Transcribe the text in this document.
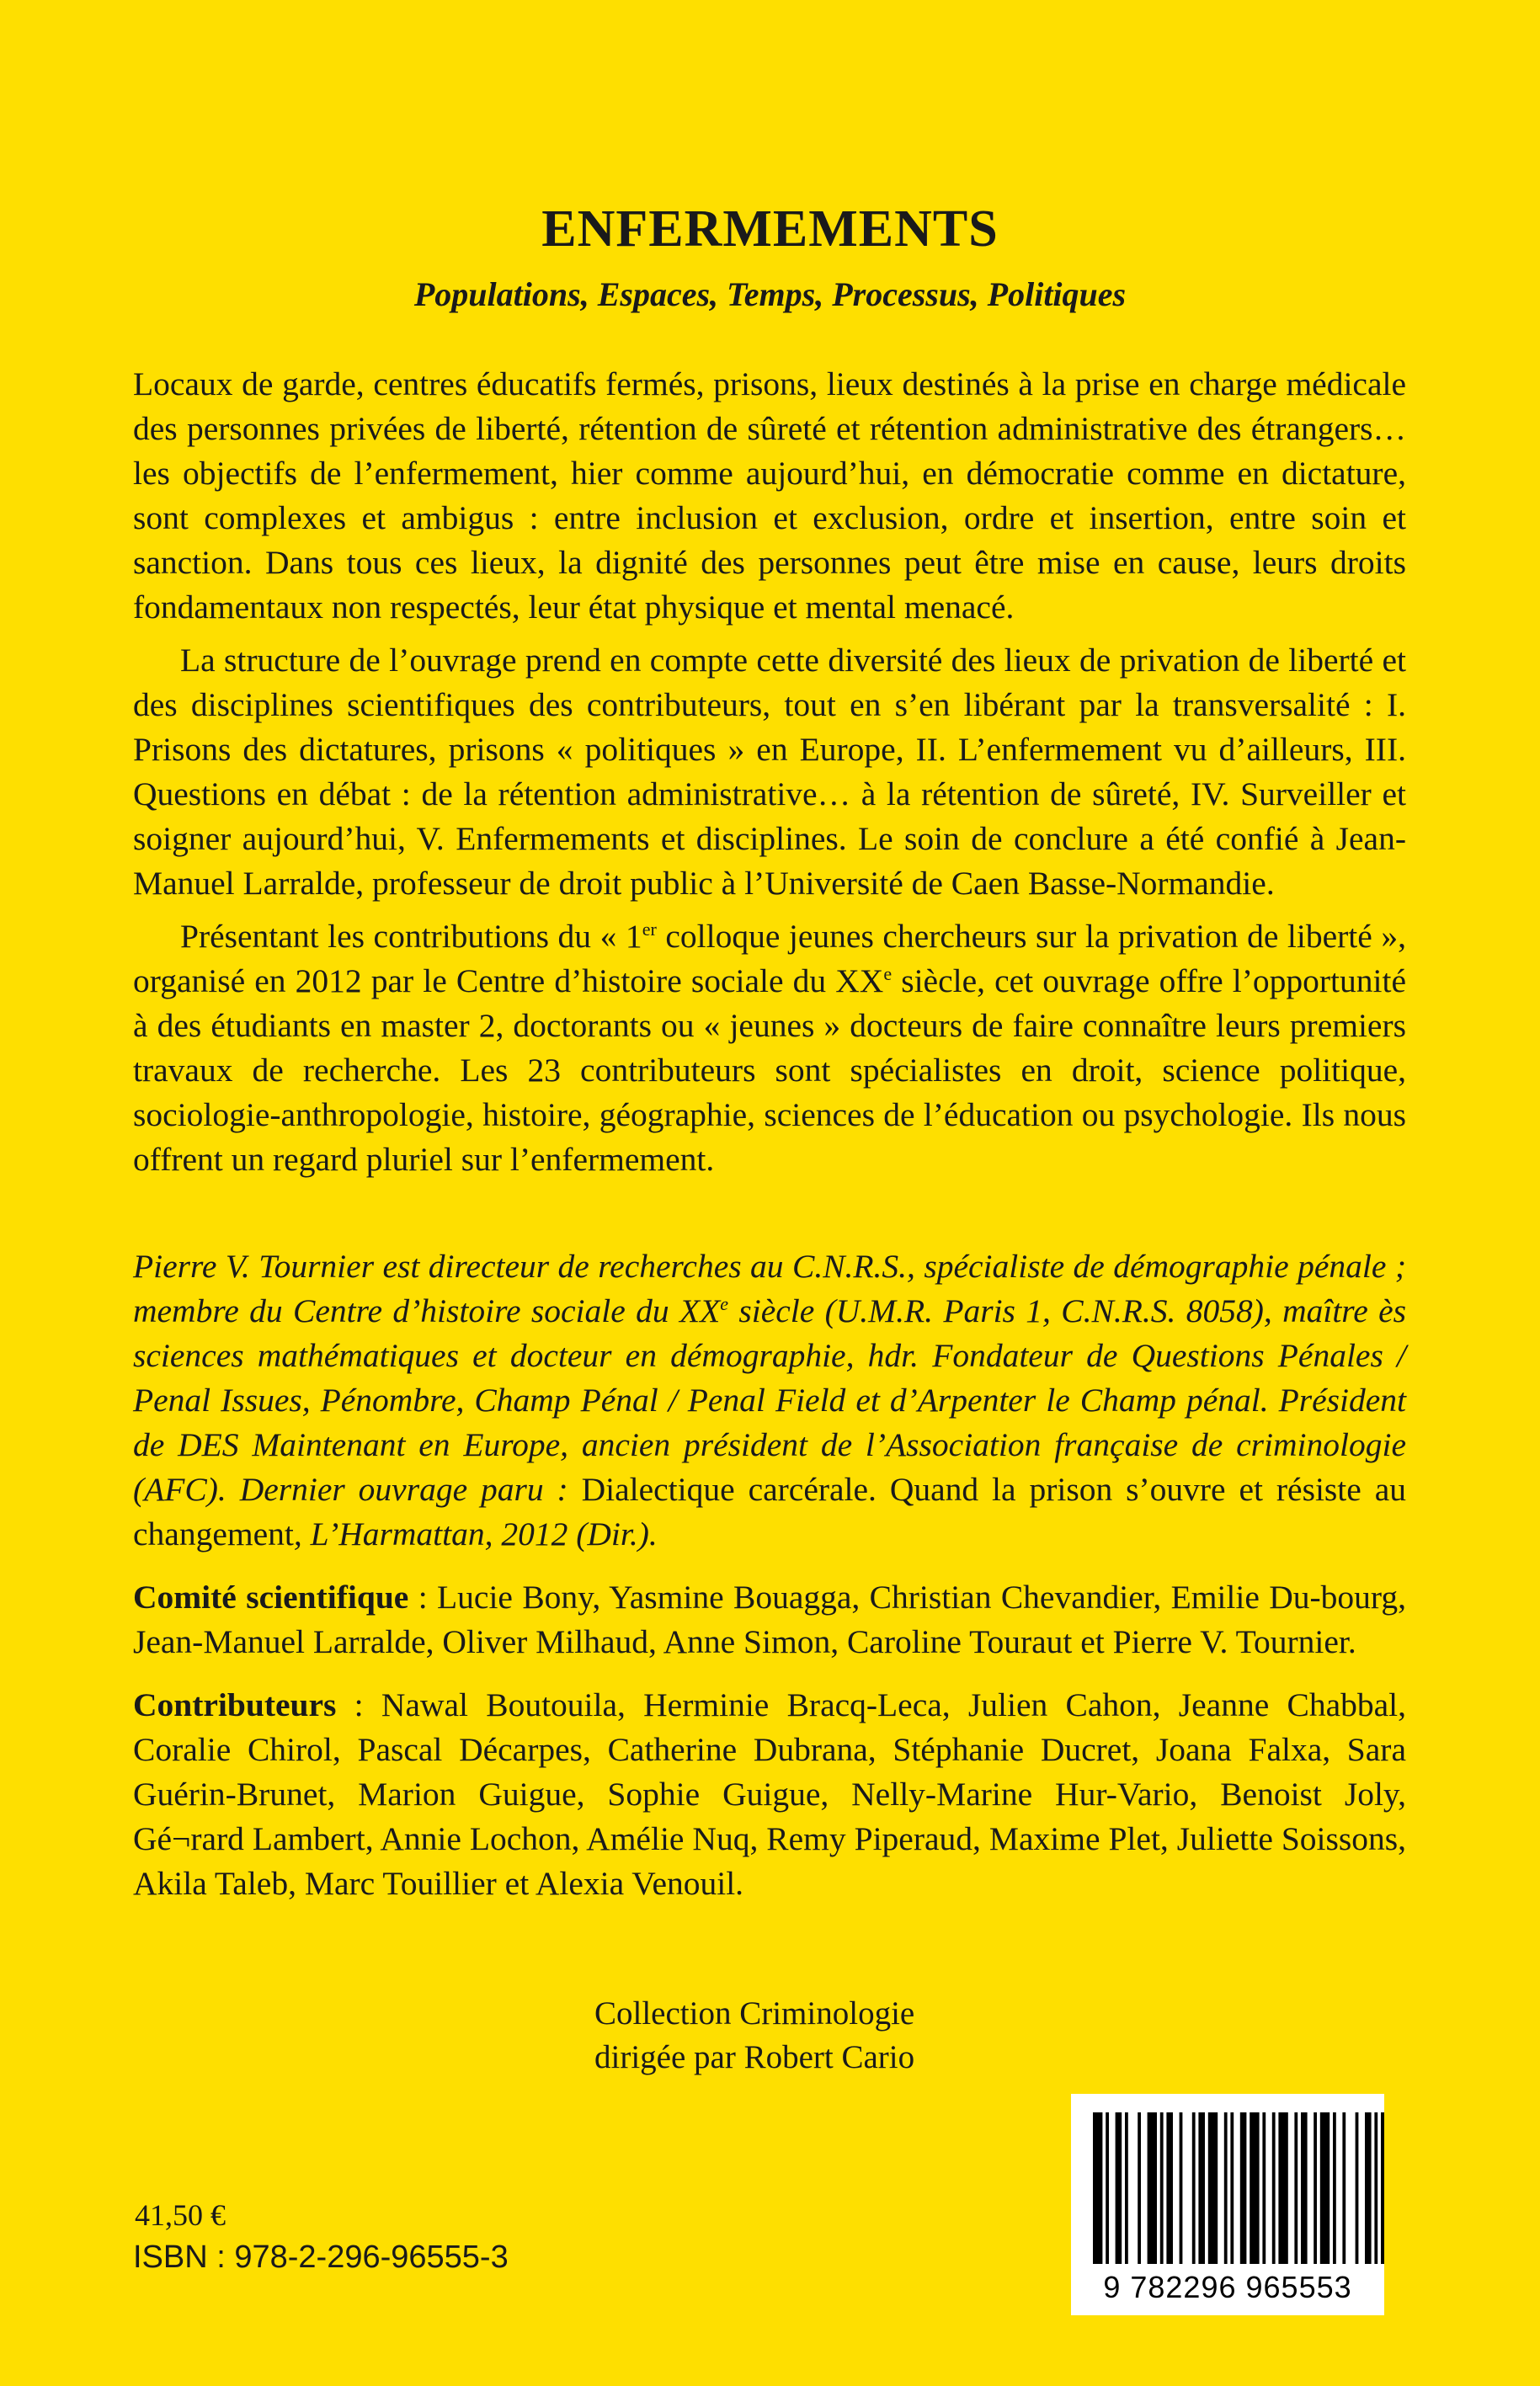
ENFERMEMENTS
Populations, Espaces, Temps, Processus, Politiques

Locaux de garde, centres éducatifs fermés, prisons, lieux destinés à la prise en charge médicale des personnes privées de liberté, rétention de sûreté et rétention administrative des étrangers… les objectifs de l’enfermement, hier comme aujourd’hui, en démocratie comme en dictature, sont complexes et ambigus : entre inclusion et exclusion, ordre et insertion, entre soin et sanction. Dans tous ces lieux, la dignité des personnes peut être mise en cause, leurs droits fondamentaux non respectés, leur état physique et mental menacé.

La structure de l’ouvrage prend en compte cette diversité des lieux de privation de liberté et des disciplines scientifiques des contributeurs, tout en s’en libérant par la transversalité : I. Prisons des dictatures, prisons « politiques » en Europe, II. L’enfermement vu d’ailleurs, III. Questions en débat : de la rétention administrative… à la rétention de sûreté, IV. Surveiller et soigner aujourd’hui, V. Enfermements et disciplines. Le soin de conclure a été confié à Jean-Manuel Larralde, professeur de droit public à l’Université de Caen Basse-Normandie.

Présentant les contributions du « 1er colloque jeunes chercheurs sur la privation de liberté », organisé en 2012 par le Centre d’histoire sociale du XXe siècle, cet ouvrage offre l’opportunité à des étudiants en master 2, doctorants ou « jeunes » docteurs de faire connaître leurs premiers travaux de recherche. Les 23 contributeurs sont spécialistes en droit, science politique, sociologie-anthropologie, histoire, géographie, sciences de l’éducation ou psychologie. Ils nous offrent un regard pluriel sur l’enfermement.

Pierre V. Tournier est directeur de recherches au C.N.R.S., spécialiste de démographie pénale ; membre du Centre d’histoire sociale du XXe siècle (U.M.R. Paris 1, C.N.R.S. 8058), maître ès sciences mathématiques et docteur en démographie, hdr. Fondateur de Questions Pénales / Penal Issues, Pénombre, Champ Pénal / Penal Field et d’Arpenter le Champ pénal. Président de DES Maintenant en Europe, ancien président de l’Association française de criminologie (AFC). Dernier ouvrage paru : Dialectique carcérale. Quand la prison s’ouvre et résiste au changement, L’Harmattan, 2012 (Dir.).

Comité scientifique : Lucie Bony, Yasmine Bouagga, Christian Chevandier, Emilie Du-bourg, Jean-Manuel Larralde, Oliver Milhaud, Anne Simon, Caroline Touraut et Pierre V. Tournier.

Contributeurs : Nawal Boutouila, Herminie Bracq-Leca, Julien Cahon, Jeanne Chabbal, Coralie Chirol, Pascal Décarpes, Catherine Dubrana, Stéphanie Ducret, Joana Falxa, Sara Guérin-Brunet, Marion Guigue, Sophie Guigue, Nelly-Marine Hur-Vario, Benoist Joly, Gé¬rard Lambert, Annie Lochon, Amélie Nuq, Remy Piperaud, Maxime Plet, Juliette Soissons, Akila Taleb, Marc Touillier et Alexia Venouil.

Collection Criminologie
dirigée par Robert Cario
41,50 €
ISBN : 978-2-296-96555-3
9 782296 965553
